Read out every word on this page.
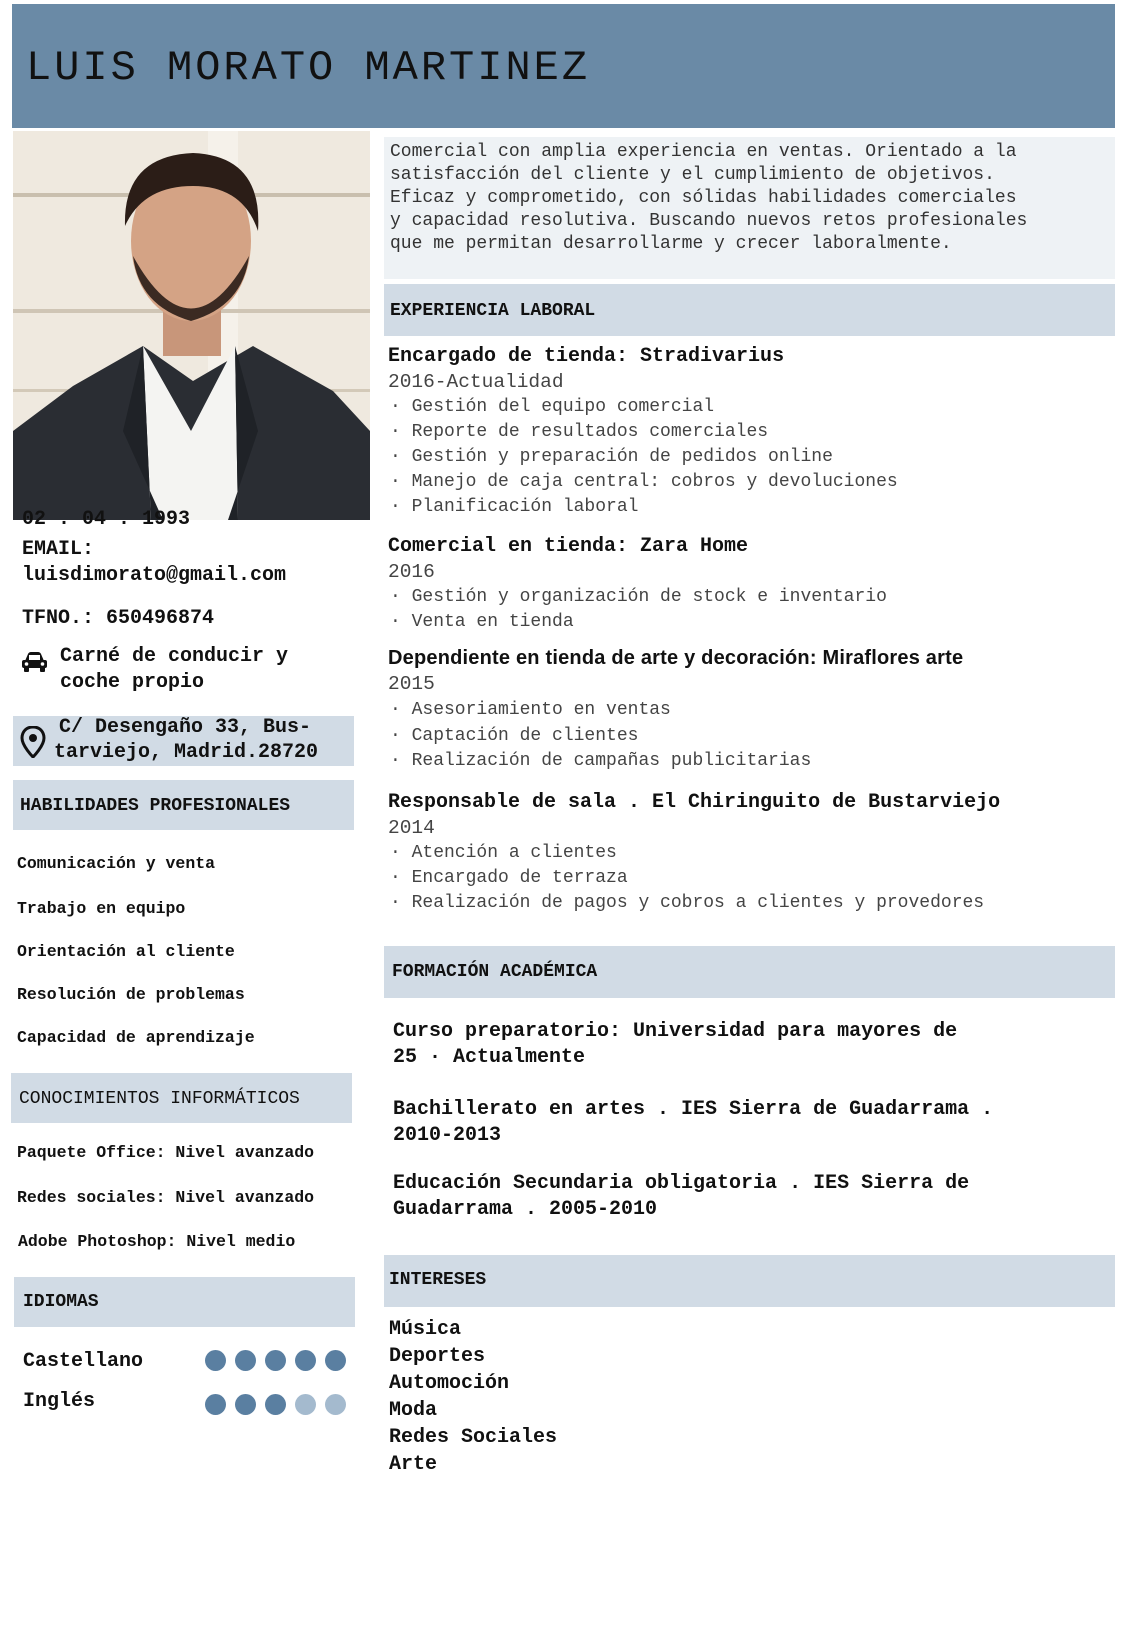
LUIS MORATO MARTINEZ
02 . 04 . 1993
EMAIL:
luisdimorato@gmail.com
TFNO.: 650496874
Carné de conducir y
coche propio
C/ Desengaño 33, Bus-
tarviejo, Madrid.28720
HABILIDADES PROFESIONALES
Comunicación y venta
Trabajo en equipo
Orientación al cliente
Resolución de problemas
Capacidad de aprendizaje
CONOCIMIENTOS INFORMÁTICOS
Paquete Office: Nivel avanzado
Redes sociales: Nivel avanzado
Adobe Photoshop: Nivel medio
IDIOMAS
Castellano
Inglés
Comercial con amplia experiencia en ventas. Orientado a la
satisfacción del cliente y el cumplimiento de objetivos.
Eficaz y comprometido, con sólidas habilidades comerciales
y capacidad resolutiva. Buscando nuevos retos profesionales
que me permitan desarrollarme y crecer laboralmente.
EXPERIENCIA LABORAL
Encargado de tienda: Stradivarius
2016-Actualidad
· Gestión del equipo comercial
· Reporte de resultados comerciales
· Gestión y preparación de pedidos online
· Manejo de caja central: cobros y devoluciones
· Planificación laboral
Comercial en tienda: Zara Home
2016
· Gestión y organización de stock e inventario
· Venta en tienda
Dependiente en tienda de arte y decoración: Miraflores arte
2015
· Asesoriamiento en ventas
· Captación de clientes
· Realización de campañas publicitarias
Responsable de sala . El Chiringuito de Bustarviejo
2014
· Atención a clientes
· Encargado de terraza
· Realización de pagos y cobros a clientes y provedores
FORMACIÓN ACADÉMICA
Curso preparatorio: Universidad para mayores de
25 · Actualmente
Bachillerato en artes . IES Sierra de Guadarrama .
2010-2013
Educación Secundaria obligatoria . IES Sierra de
Guadarrama . 2005-2010
INTERESES
Música
Deportes
Automoción
Moda
Redes Sociales
Arte
